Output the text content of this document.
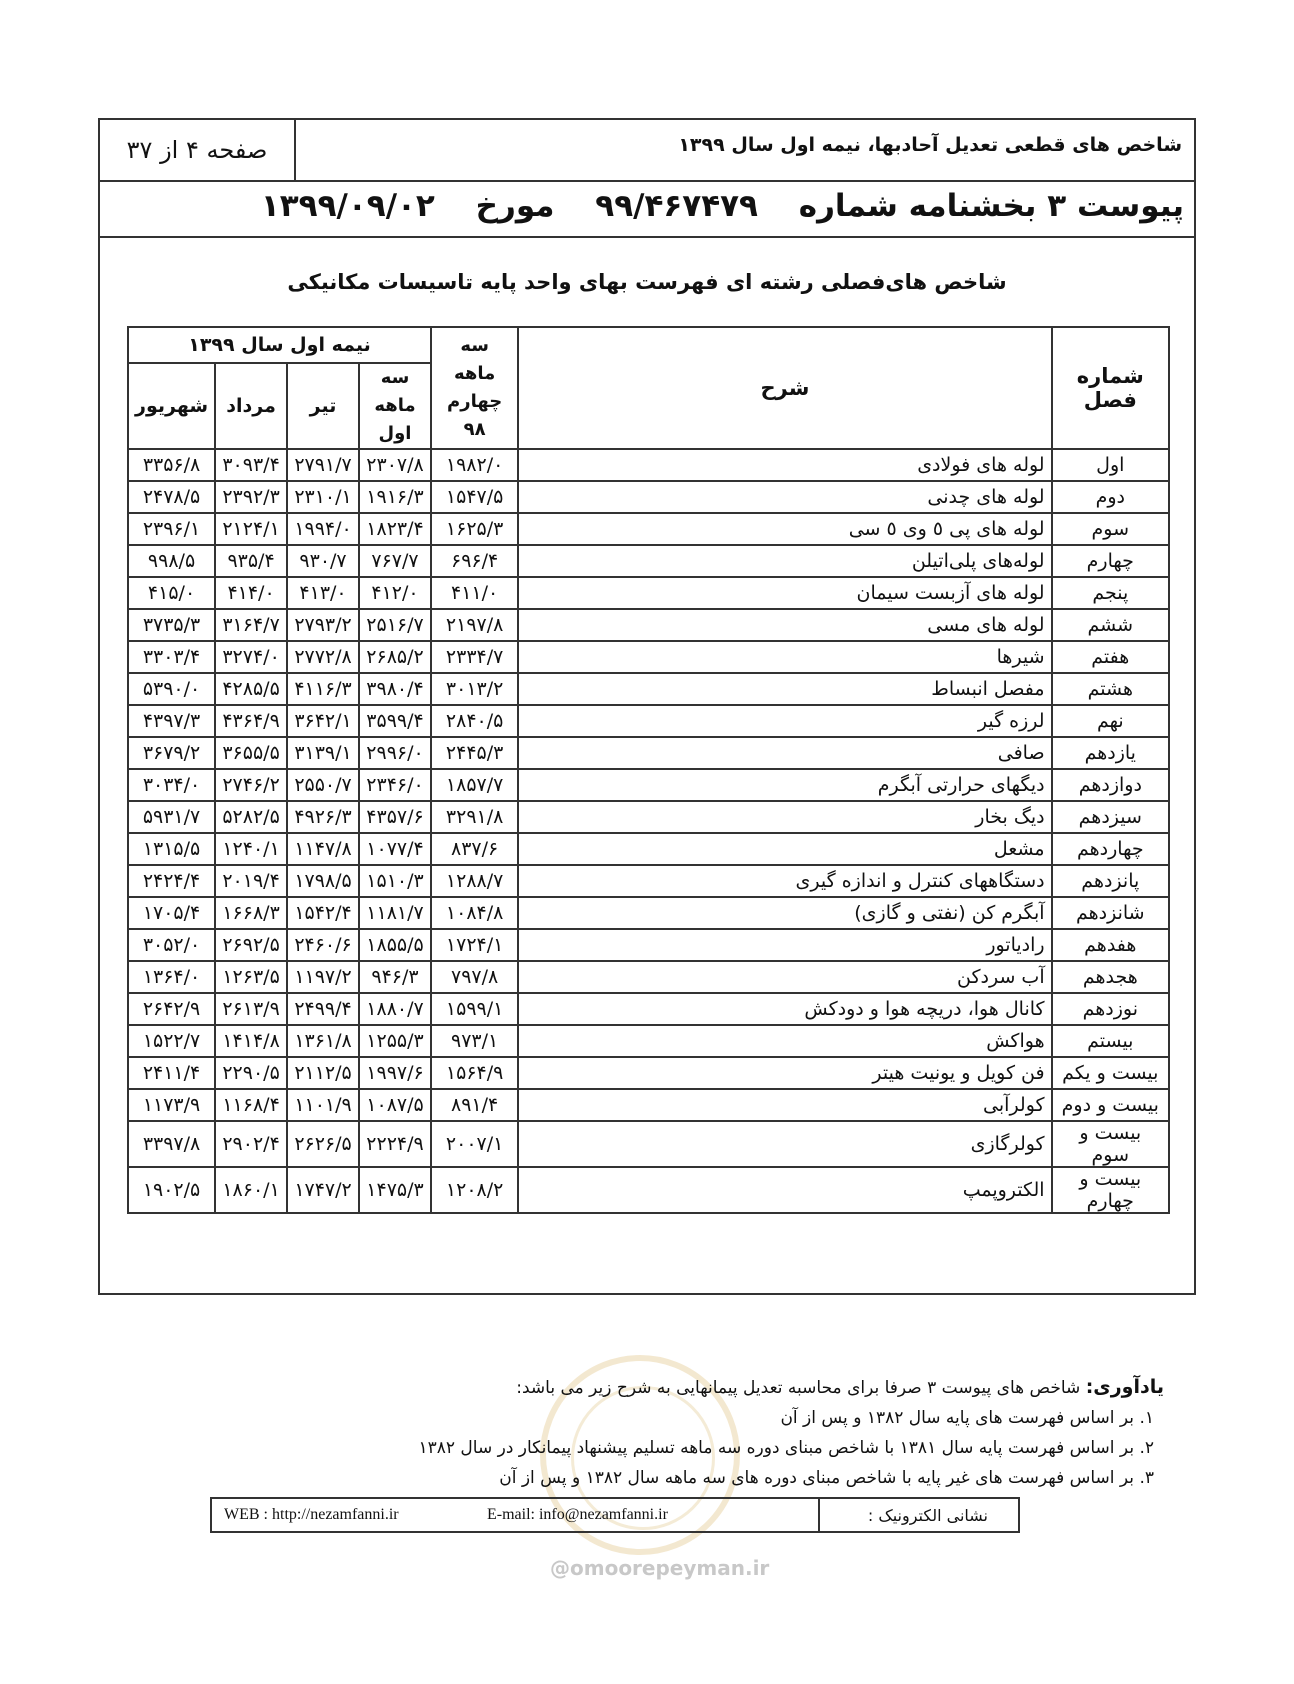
شاخص های قطعی تعدیل آحادبها، نیمه اول سال ۱۳۹۹
صفحه ۴ از ۳۷
پیوست ۳ بخشنامه شماره ۹۹/۴۶۷۴۷۹ مورخ ۱۳۹۹/۰۹/۰۲
شاخص های‌فصلی رشته ای فهرست بهای واحد پایه تاسیسات مکانیکی
شماره فصل	شرح	سه ماهه چهارم ۹۸	نیمه اول سال ۱۳۹۹			
			سه ماهه اول	تیر	مرداد	شهریور
اول	لوله های فولادی	۱۹۸۲/۰	۲۳۰۷/۸	۲۷۹۱/۷	۳۰۹۳/۴	۳۳۵۶/۸
دوم	لوله های چدنی	۱۵۴۷/۵	۱۹۱۶/۳	۲۳۱۰/۱	۲۳۹۲/۳	۲۴۷۸/۵
سوم	لوله های پی ٥ وی ٥ سی	۱۶۲۵/۳	۱۸۲۳/۴	۱۹۹۴/۰	۲۱۲۴/۱	۲۳۹۶/۱
چهارم	لوله‌های پلی‌اتیلن	۶۹۶/۴	۷۶۷/۷	۹۳۰/۷	۹۳۵/۴	۹۹۸/۵
پنجم	لوله های آزبست سیمان	۴۱۱/۰	۴۱۲/۰	۴۱۳/۰	۴۱۴/۰	۴۱۵/۰
ششم	لوله های مسی	۲۱۹۷/۸	۲۵۱۶/۷	۲۷۹۳/۲	۳۱۶۴/۷	۳۷۳۵/۳
هفتم	شیرها	۲۳۳۴/۷	۲۶۸۵/۲	۲۷۷۲/۸	۳۲۷۴/۰	۳۳۰۳/۴
هشتم	مفصل انبساط	۳۰۱۳/۲	۳۹۸۰/۴	۴۱۱۶/۳	۴۲۸۵/۵	۵۳۹۰/۰
نهم	لرزه گیر	۲۸۴۰/۵	۳۵۹۹/۴	۳۶۴۲/۱	۴۳۶۴/۹	۴۳۹۷/۳
یازدهم	صافی	۲۴۴۵/۳	۲۹۹۶/۰	۳۱۳۹/۱	۳۶۵۵/۵	۳۶۷۹/۲
دوازدهم	دیگهای حرارتی آبگرم	۱۸۵۷/۷	۲۳۴۶/۰	۲۵۵۰/۷	۲۷۴۶/۲	۳۰۳۴/۰
سیزدهم	دیگ بخار	۳۲۹۱/۸	۴۳۵۷/۶	۴۹۲۶/۳	۵۲۸۲/۵	۵۹۳۱/۷
چهاردهم	مشعل	۸۳۷/۶	۱۰۷۷/۴	۱۱۴۷/۸	۱۲۴۰/۱	۱۳۱۵/۵
پانزدهم	دستگاههای کنترل و اندازه گیری	۱۲۸۸/۷	۱۵۱۰/۳	۱۷۹۸/۵	۲۰۱۹/۴	۲۴۲۴/۴
شانزدهم	آبگرم کن (نفتی و گازی)	۱۰۸۴/۸	۱۱۸۱/۷	۱۵۴۲/۴	۱۶۶۸/۳	۱۷۰۵/۴
هفدهم	رادیاتور	۱۷۲۴/۱	۱۸۵۵/۵	۲۴۶۰/۶	۲۶۹۲/۵	۳۰۵۲/۰
هجدهم	آب سردکن	۷۹۷/۸	۹۴۶/۳	۱۱۹۷/۲	۱۲۶۳/۵	۱۳۶۴/۰
نوزدهم	کانال هوا، دریچه هوا و دودکش	۱۵۹۹/۱	۱۸۸۰/۷	۲۴۹۹/۴	۲۶۱۳/۹	۲۶۴۲/۹
بیستم	هواکش	۹۷۳/۱	۱۲۵۵/۳	۱۳۶۱/۸	۱۴۱۴/۸	۱۵۲۲/۷
بیست و یکم	فن کویل و یونیت هیتر	۱۵۶۴/۹	۱۹۹۷/۶	۲۱۱۲/۵	۲۲۹۰/۵	۲۴۱۱/۴
بیست و دوم	کولرآبی	۸۹۱/۴	۱۰۸۷/۵	۱۱۰۱/۹	۱۱۶۸/۴	۱۱۷۳/۹
بیست و سوم	کولرگازی	۲۰۰۷/۱	۲۲۲۴/۹	۲۶۲۶/۵	۲۹۰۲/۴	۳۳۹۷/۸
بیست و چهارم	الکتروپمپ	۱۲۰۸/۲	۱۴۷۵/۳	۱۷۴۷/۲	۱۸۶۰/۱	۱۹۰۲/۵
یادآوری: شاخص های پیوست ۳ صرفا برای محاسبه تعدیل پیمانهایی به شرح زیر می باشد:
۱. بر اساس فهرست های پایه سال ۱۳۸۲ و پس از آن
۲. بر اساس فهرست پایه سال ۱۳۸۱ با شاخص مبنای دوره سه ماهه تسلیم پیشنهاد پیمانکار در سال ۱۳۸۲
۳. بر اساس فهرست های غیر پایه با شاخص مبنای دوره های سه ماهه سال ۱۳۸۲ و پس از آن
WEB : http://nezamfanni.ir	E-mail: info@nezamfanni.ir	نشانی الکترونیک :
@omoorepeyman.ir
